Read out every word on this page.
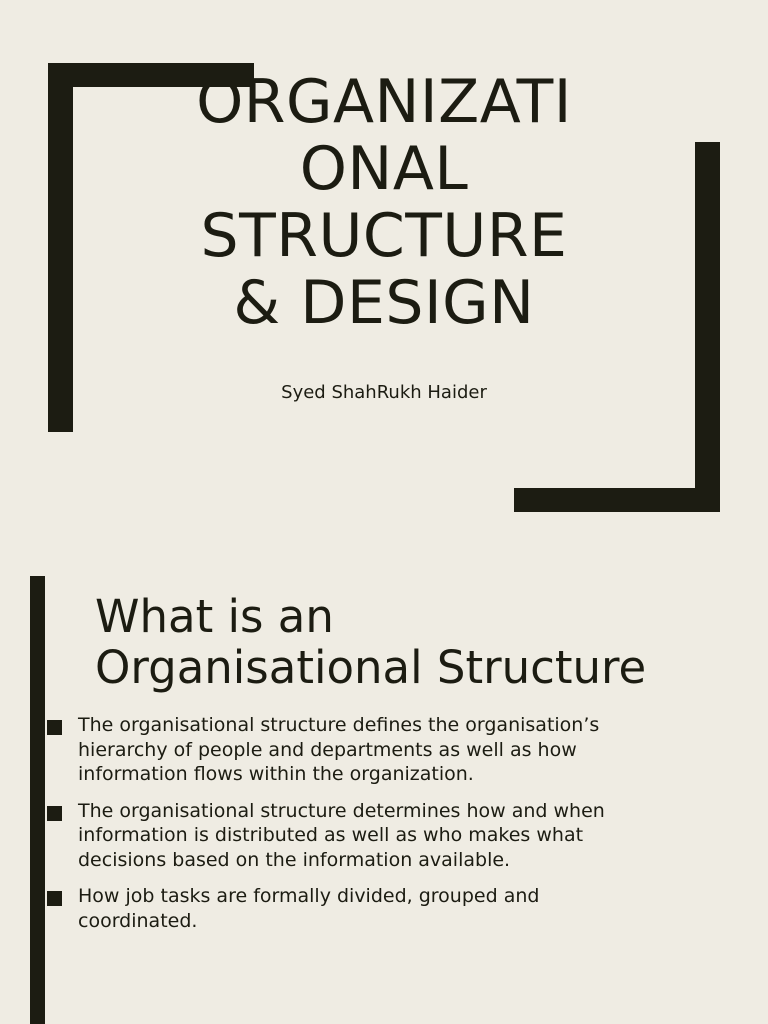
ORGANIZATI
ONAL
STRUCTURE
& DESIGN
Syed ShahRukh Haider
What is an
Organisational Structure
The organisational structure defines the organisation’s
hierarchy of people and departments as well as how
information flows within the organization.
The organisational structure determines how and when
information is distributed as well as who makes what
decisions based on the information available.
How job tasks are formally divided, grouped and
coordinated.
